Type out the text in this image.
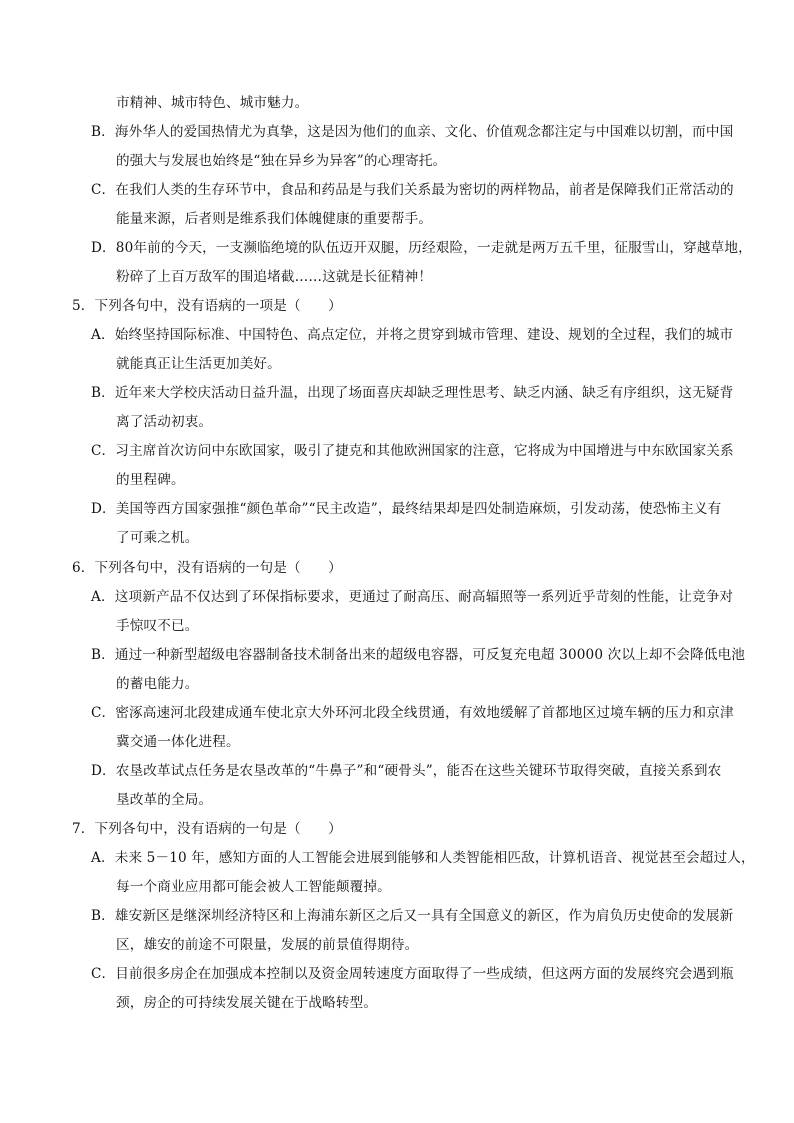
市精神、城市特色、城市魅力。
B．海外华人的爱国热情尤为真挚，这是因为他们的血亲、文化、价值观念都注定与中国难以切割，而中国
的强大与发展也始终是“独在异乡为异客”的心理寄托。
C．在我们人类的生存环节中，食品和药品是与我们关系最为密切的两样物品，前者是保障我们正常活动的
能量来源，后者则是维系我们体魄健康的重要帮手。
D．80年前的今天，一支濒临绝境的队伍迈开双腿，历经艰险，一走就是两万五千里，征服雪山，穿越草地，
粉碎了上百万敌军的围追堵截……这就是长征精神！
5．下列各句中，没有语病的一项是（　　）
A．始终坚持国际标准、中国特色、高点定位，并将之贯穿到城市管理、建设、规划的全过程，我们的城市
就能真正让生活更加美好。
B．近年来大学校庆活动日益升温，出现了场面喜庆却缺乏理性思考、缺乏内涵、缺乏有序组织，这无疑背
离了活动初衷。
C．习主席首次访问中东欧国家，吸引了捷克和其他欧洲国家的注意，它将成为中国增进与中东欧国家关系
的里程碑。
D．美国等西方国家强推“颜色革命”“民主改造”，最终结果却是四处制造麻烦，引发动荡，使恐怖主义有
了可乘之机。
6．下列各句中，没有语病的一句是（　　）
A．这项新产品不仅达到了环保指标要求，更通过了耐高压、耐高辐照等一系列近乎苛刻的性能，让竞争对
手惊叹不已。
B．通过一种新型超级电容器制备技术制备出来的超级电容器，可反复充电超 30000 次以上却不会降低电池
的蓄电能力。
C．密涿高速河北段建成通车使北京大外环河北段全线贯通，有效地缓解了首都地区过境车辆的压力和京津
冀交通一体化进程。
D．农垦改革试点任务是农垦改革的“牛鼻子”和“硬骨头”，能否在这些关键环节取得突破，直接关系到农
垦改革的全局。
7．下列各句中，没有语病的一句是（　　）
A．未来 5－10 年，感知方面的人工智能会进展到能够和人类智能相匹敌，计算机语音、视觉甚至会超过人，
每一个商业应用都可能会被人工智能颠覆掉。
B．雄安新区是继深圳经济特区和上海浦东新区之后又一具有全国意义的新区，作为肩负历史使命的发展新
区，雄安的前途不可限量，发展的前景值得期待。
C．目前很多房企在加强成本控制以及资金周转速度方面取得了一些成绩，但这两方面的发展终究会遇到瓶
颈，房企的可持续发展关键在于战略转型。
